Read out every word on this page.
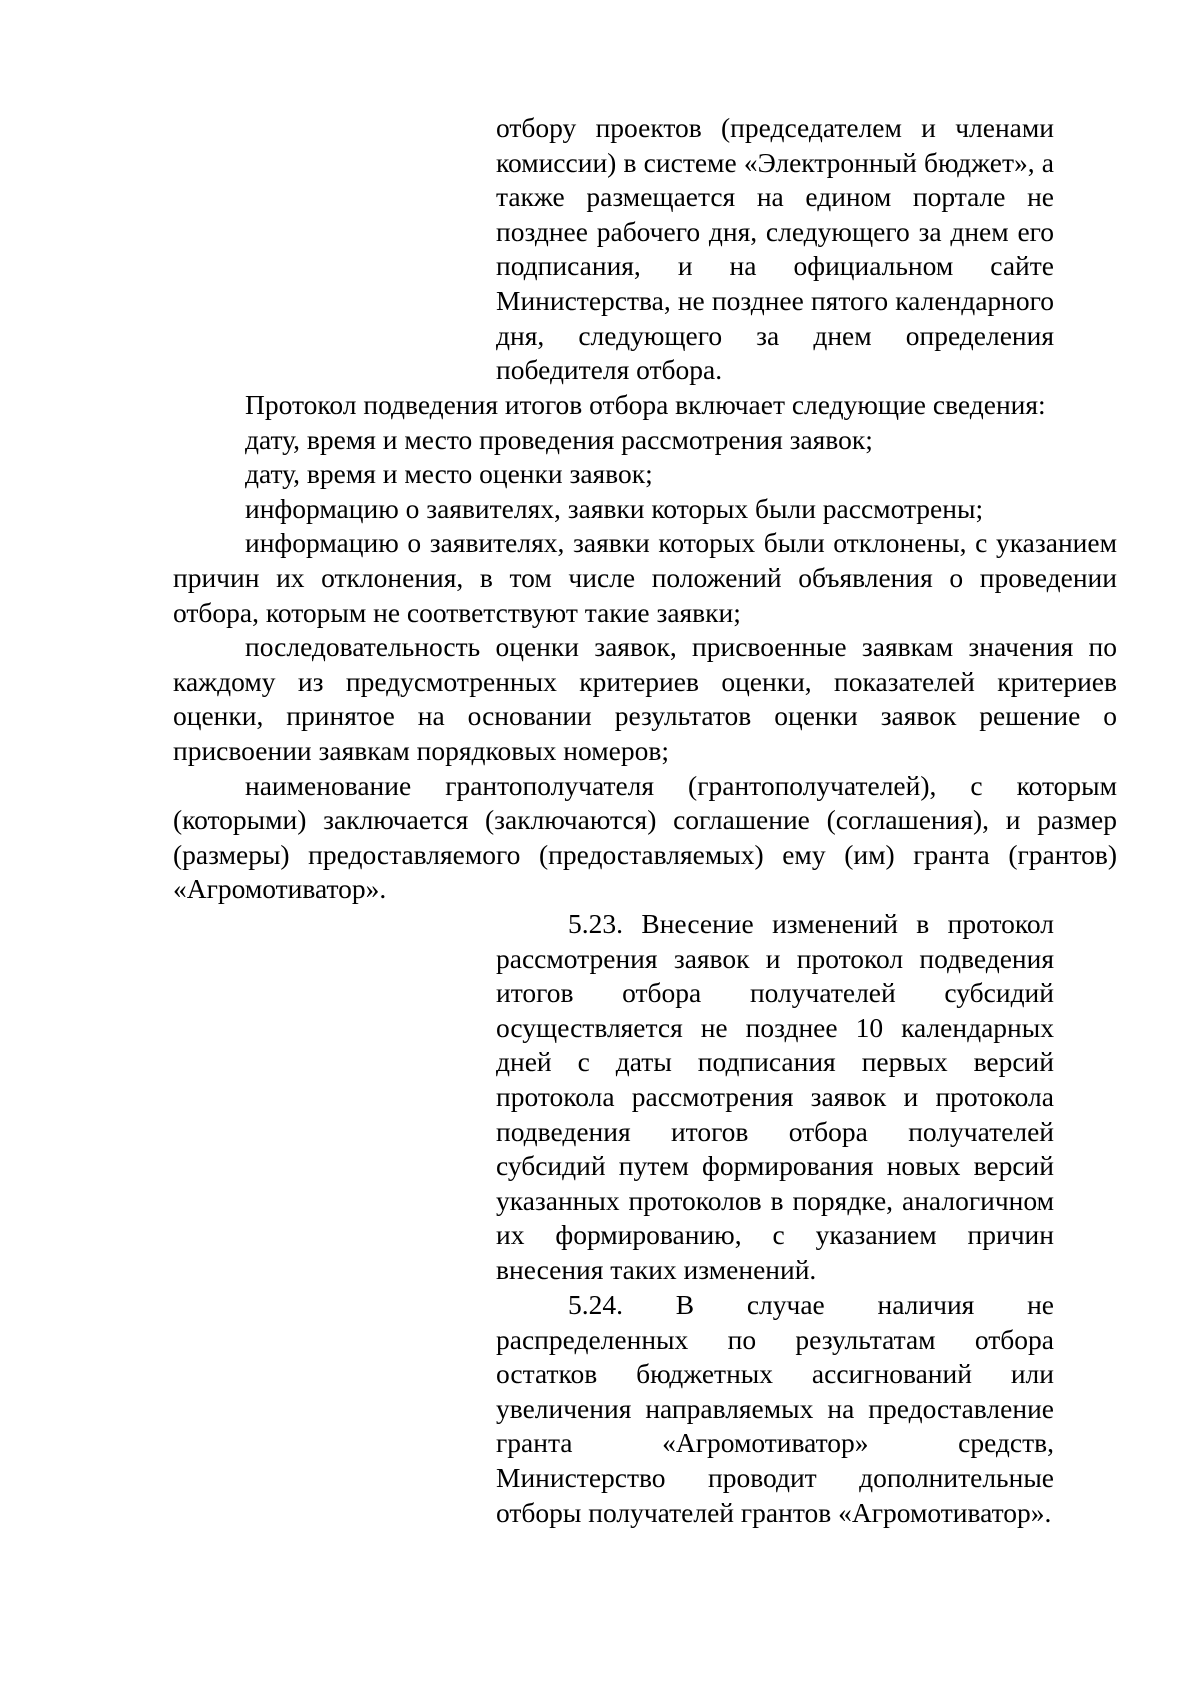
отбору проектов (председателем и членами комиссии) в системе «Электронный бюджет», а также размещается на едином портале не позднее рабочего дня, следующего за днем его подписания, и на официальном сайте Министерства, не позднее пятого календарного дня, следующего за днем определения победителя отбора.

Протокол подведения итогов отбора включает следующие сведения:

дату, время и место проведения рассмотрения заявок;

дату, время и место оценки заявок;

информацию о заявителях, заявки которых были рассмотрены;

информацию о заявителях, заявки которых были отклонены, с указанием причин их отклонения, в том числе положений объявления о проведении отбора, которым не соответствуют такие заявки;

последовательность оценки заявок, присвоенные заявкам значения по каждому из предусмотренных критериев оценки, показателей критериев оценки, принятое на основании результатов оценки заявок решение о присвоении заявкам порядковых номеров;

наименование грантополучателя (грантополучателей), с которым (которыми) заключается (заключаются) соглашение (соглашения), и размер (размеры) предоставляемого (предоставляемых) ему (им) гранта (грантов) «Агромотиватор».

5.23. Внесение изменений в протокол рассмотрения заявок и протокол подведения итогов отбора получателей субсидий осуществляется не позднее 10 календарных дней с даты подписания первых версий протокола рассмотрения заявок и протокола подведения итогов отбора получателей субсидий путем формирования новых версий указанных протоколов в порядке, аналогичном их формированию, с указанием причин внесения таких изменений.

5.24. В случае наличия не распределенных по результатам отбора остатков бюджетных ассигнований или увеличения направляемых на предоставление гранта «Агромотиватор» средств, Министерство проводит дополнительные отборы получателей грантов «Агромотиватор».
